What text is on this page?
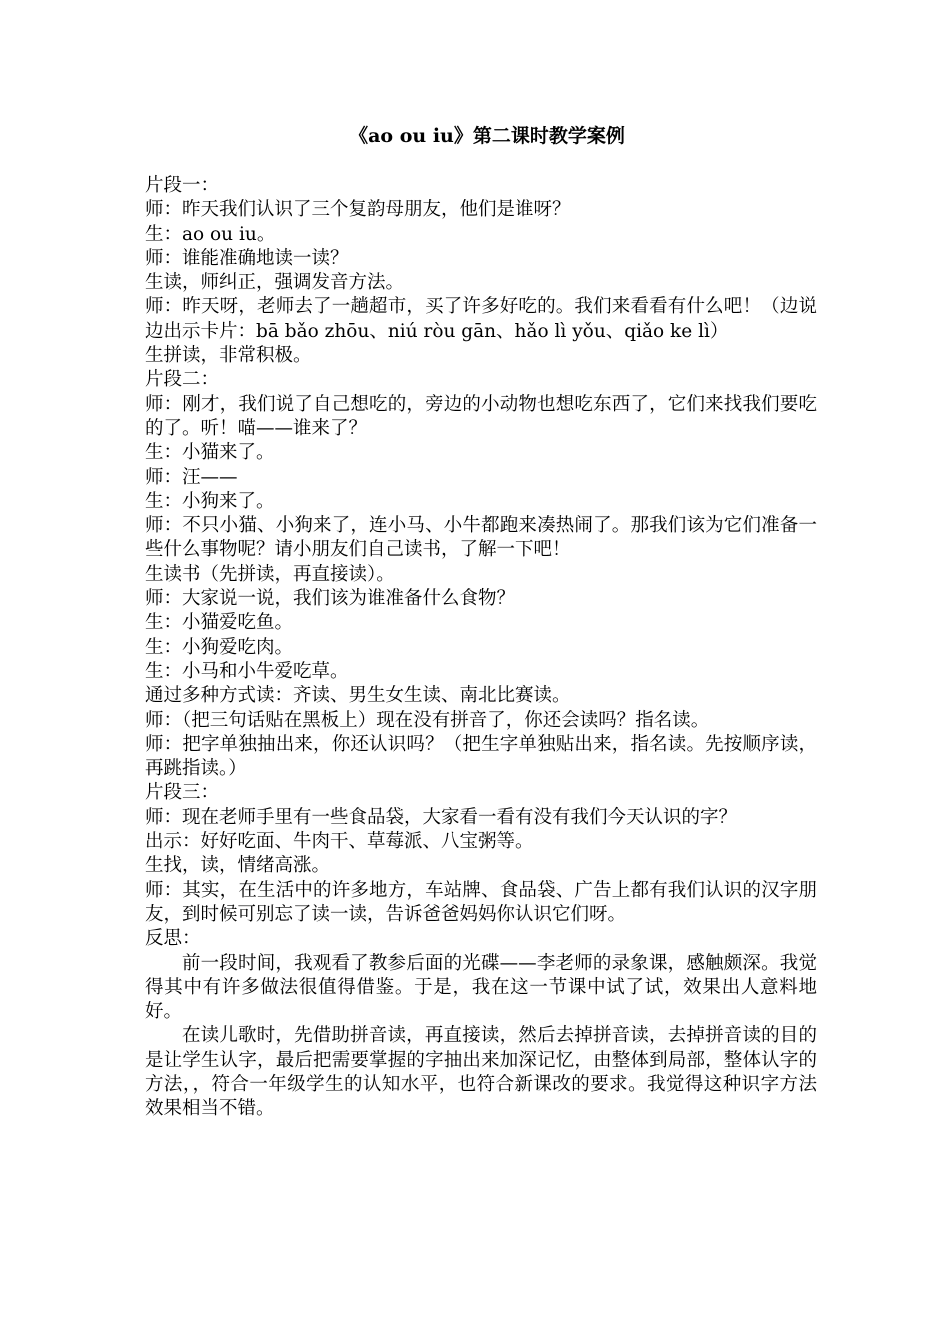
《ao ou iu》第二课时教学案例

片段一：

师：昨天我们认识了三个复韵母朋友，他们是谁呀？

生：ao ou iu。

师：谁能准确地读一读？

生读，师纠正，强调发音方法。

师：昨天呀，老师去了一趟超市，买了许多好吃的。我们来看看有什么吧！（边说边出示卡片：bā bǎo zhōu、niú ròu gān、hǎo lì yǒu、qiǎo ke lì）

生拼读，非常积极。

片段二：

师：刚才，我们说了自己想吃的，旁边的小动物也想吃东西了，它们来找我们要吃的了。听！喵——谁来了？

生：小猫来了。

师：汪——

生：小狗来了。

师：不只小猫、小狗来了，连小马、小牛都跑来凑热闹了。那我们该为它们准备一些什么事物呢？请小朋友们自己读书，了解一下吧！

生读书（先拼读，再直接读）。

师：大家说一说，我们该为谁准备什么食物？

生：小猫爱吃鱼。

生：小狗爱吃肉。

生：小马和小牛爱吃草。

通过多种方式读：齐读、男生女生读、南北比赛读。

师：（把三句话贴在黑板上）现在没有拼音了，你还会读吗？指名读。

师：把字单独抽出来，你还认识吗？（把生字单独贴出来，指名读。先按顺序读，再跳指读。）

片段三：

师：现在老师手里有一些食品袋，大家看一看有没有我们今天认识的字？

出示：好好吃面、牛肉干、草莓派、八宝粥等。

生找，读，情绪高涨。

师：其实，在生活中的许多地方，车站牌、食品袋、广告上都有我们认识的汉字朋友，到时候可别忘了读一读，告诉爸爸妈妈你认识它们呀。

反思：

前一段时间，我观看了教参后面的光碟——李老师的录象课，感触颇深。我觉得其中有许多做法很值得借鉴。于是，我在这一节课中试了试，效果出人意料地好。

在读儿歌时，先借助拼音读，再直接读，然后去掉拼音读，去掉拼音读的目的是让学生认字，最后把需要掌握的字抽出来加深记忆，由整体到局部，整体认字的方法，，符合一年级学生的认知水平，也符合新课改的要求。我觉得这种识字方法效果相当不错。
